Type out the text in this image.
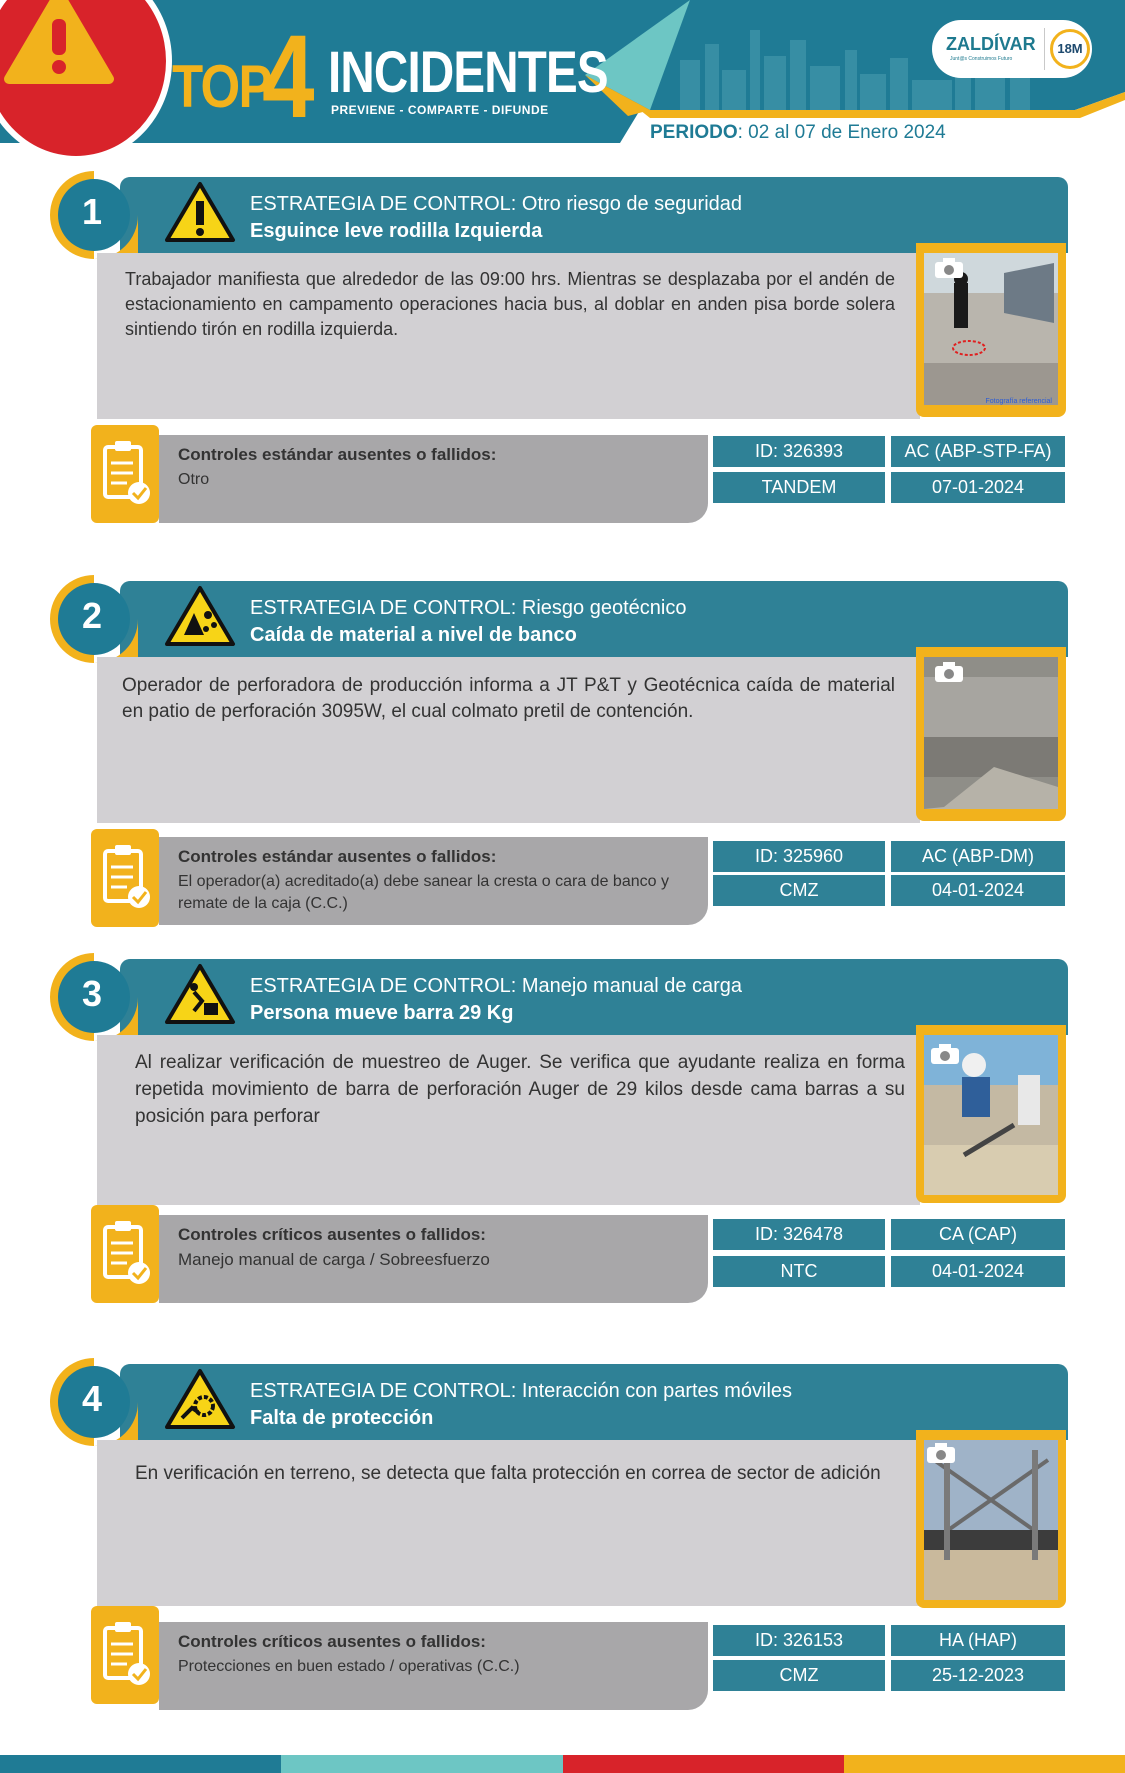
TOP
4 INCIDENTES
PREVIENE - COMPARTE - DIFUNDE
ZALDÍVAR
Junt@s Construimos Futuro
18M
PERIODO: 02 al 07 de Enero 2024
1	ESTRATEGIA DE CONTROL: Otro riesgo de seguridad
Esguince leve rodilla Izquierda
Trabajador manifiesta que alrededor de las 09:00 hrs. Mientras se desplazaba por el andén de estacionamiento en campamento operaciones hacia bus, al doblar en anden pisa borde solera sintiendo tirón en rodilla izquierda.
Fotografía referencial
Controles estándar ausentes o fallidos:
Otro
ID: 326393	AC (ABP-STP-FA)
TANDEM	07-01-2024
2	ESTRATEGIA DE CONTROL: Riesgo geotécnico
Caída de material a nivel de banco
Operador de perforadora de producción informa a JT P&T y Geotécnica caída de material en patio de perforación 3095W, el cual colmato pretil de contención.
Controles estándar ausentes o fallidos:
El operador(a) acreditado(a) debe sanear la cresta o cara de banco y remate de la caja (C.C.)
ID: 325960	AC (ABP-DM)
CMZ	04-01-2024
3	ESTRATEGIA DE CONTROL: Manejo manual de carga
Persona mueve barra 29 Kg
Al realizar verificación de muestreo de Auger. Se verifica que ayudante realiza en forma repetida movimiento de barra de perforación Auger de 29 kilos desde cama barras a su posición para perforar
Controles críticos ausentes o fallidos:
Manejo manual de carga / Sobreesfuerzo
ID: 326478	CA (CAP)
NTC	04-01-2024
4	ESTRATEGIA DE CONTROL: Interacción con partes móviles
Falta de protección
En verificación en terreno, se detecta que falta protección en correa de sector de adición
Controles críticos ausentes o fallidos:
Protecciones en buen estado / operativas (C.C.)
ID: 326153	HA (HAP)
CMZ	25-12-2023
